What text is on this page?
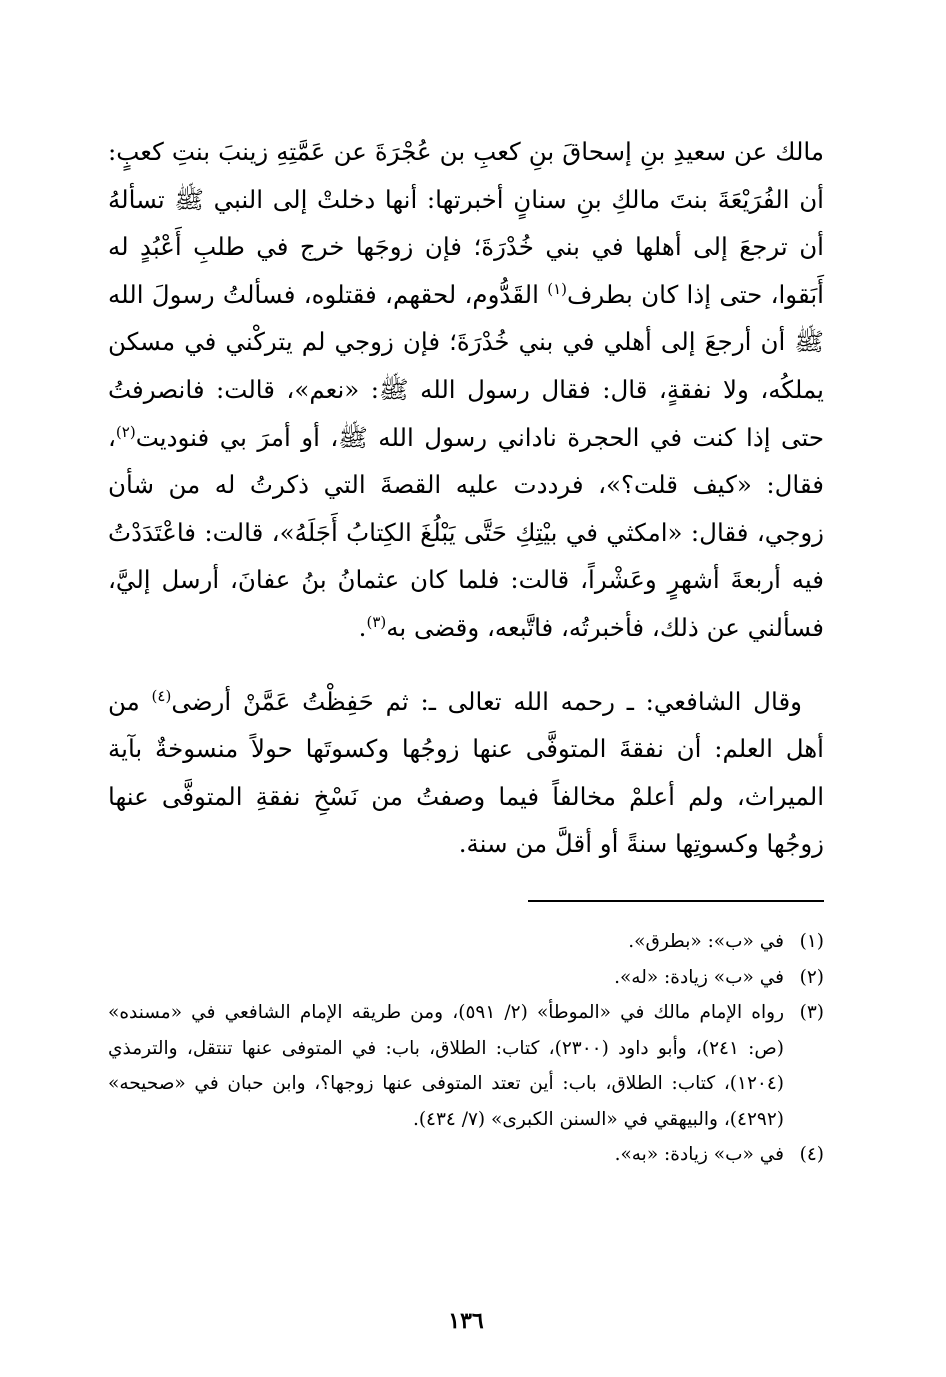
مالك عن سعيدِ بنِ إسحاقَ بنِ كعبِ بن عُجْرَةَ عن عَمَّتِهِ زينبَ بنتِ كعبٍ: أن الفُرَيْعَةَ بنتَ مالكِ بنِ سنانٍ أخبرتها: أنها دخلتْ إلى النبي ﷺ تسألهُ أن ترجعَ إلى أهلها في بني خُدْرَةَ؛ فإن زوجَها خرج في طلبِ أَعْبُدٍ له أَبَقوا، حتى إذا كان بطرف$^{(١)}$ القَدُّوم، لحقهم، فقتلوه، فسألتُ رسولَ الله ﷺ أن أرجعَ إلى أهلي في بني خُدْرَةَ؛ فإن زوجي لم يتركْني في مسكن يملكُه، ولا نفقةٍ، قال: فقال رسول الله ﷺ: «نعم»، قالت: فانصرفتُ حتى إذا كنت في الحجرة ناداني رسول الله ﷺ، أو أمرَ بي فنوديت$^{(٢)}$، فقال: «كيف قلت؟»، فرددت عليه القصةَ التي ذكرتُ له من شأن زوجي، فقال: «امكثي في بيْتِكِ حَتَّى يَبْلُغَ الكِتابُ أَجَلَهُ»، قالت: فاعْتَدَدْتُ فيه أربعةَ أشهرٍ وعَشْراً، قالت: فلما كان عثمانُ بنُ عفانَ، أرسل إليَّ، فسألني عن ذلك، فأخبرتُه، فاتَّبعه، وقضى به$^{(٣)}$.

وقال الشافعي: ـ رحمه الله تعالى ـ: ثم حَفِظْتُ عَمَّنْ أرضى$^{(٤)}$ من أهل العلم: أن نفقةَ المتوفَّى عنها زوجُها وكسوتَها حولاً منسوخةٌ بآية الميراث، ولم أعلمْ مخالفاً فيما وصفتُ من نَسْخِ نفقةِ المتوفَّى عنها زوجُها وكسوتِها سنةً أو أقلَّ من سنة.

(١)
في «ب»: «بطرق».
(٢)
في «ب» زيادة: «له».
(٣)
رواه الإمام مالك في «الموطأ» (٢/ ٥٩١)، ومن طريقه الإمام الشافعي في «مسنده» (ص: ٢٤١)، وأبو داود (٢٣٠٠)، كتاب: الطلاق، باب: في المتوفى عنها تنتقل، والترمذي (١٢٠٤)، كتاب: الطلاق، باب: أين تعتد المتوفى عنها زوجها؟، وابن حبان في «صحيحه» (٤٢٩٢)، والبيهقي في «السنن الكبرى» (٧/ ٤٣٤).
(٤)
في «ب» زيادة: «به».
١٣٦
